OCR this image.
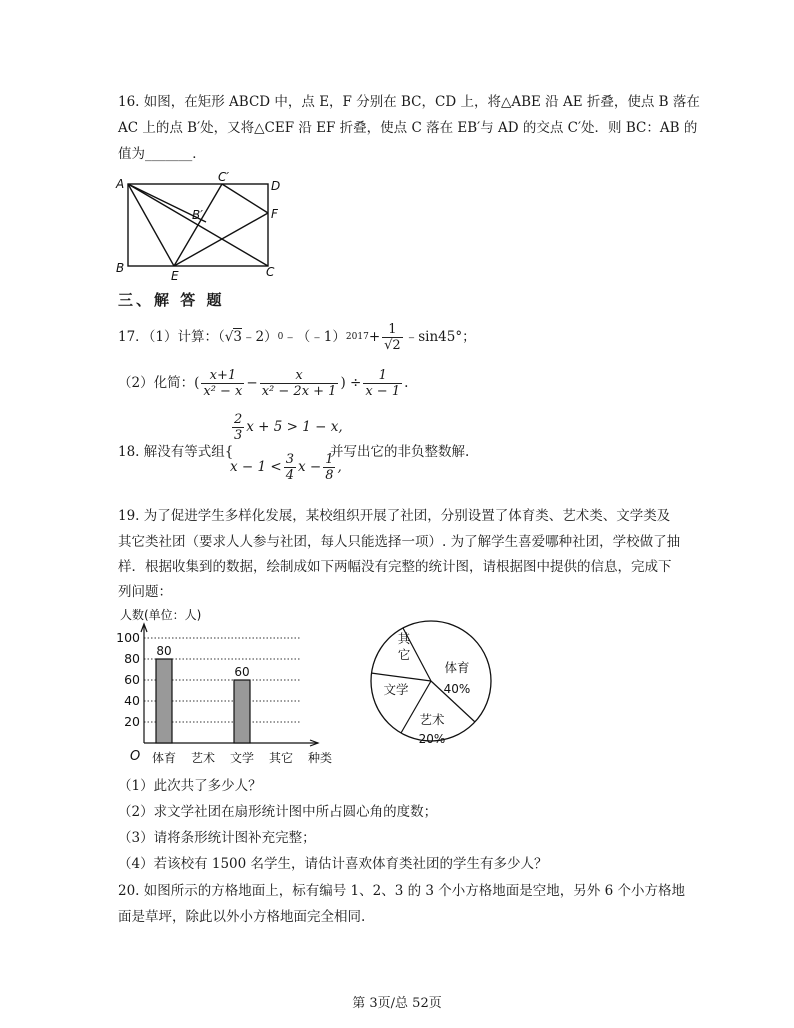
16. 如图，在矩形 ABCD 中，点 E，F 分别在 BC，CD 上，将△ABE 沿 AE 折叠，使点 B 落在
AC 上的点 B′处，又将△CEF 沿 EF 折叠，使点 C 落在 EB′与 AD 的交点 C′处．则 BC：AB 的
值为_______．
A	D
C′
B′	F
B
E	C
三、解 答 题
17．（1）计算：（ √3 ﹣2） 0 ﹣（﹣1） $2017 + \frac{1}{√2}$ ﹣sin45°；
（2）化简：( $\frac{x+1}{\text{x² − x}} - \frac{x}{\text{x² − 2x + 1}}$ ) ÷ $\frac{1}{x - 1}$ .
18. 解没有等式组{
$\frac{2}{3}$ x + 5 > 1 − x,
$x - 1 < \frac{3}{4}$ $x - \frac{1}{8}$ ,
并写出它的非负整数解.
19. 为了促进学生多样化发展，某校组织开展了社团，分别设置了体育类、艺术类、文学类及
其它类社团（要求人人参与社团，每人只能选择一项）. 为了解学生喜爱哪种社团，学校做了抽
样．根据收集到的数据，绘制成如下两幅没有完整的统计图，请根据图中提供的信息，完成下
列问题：
人数(单位：人)
100
80
60
40
20
O	种类
80
体育 艺术
60
文学 其它
体育
40%
艺术
20%
文学
其它
（1）此次共了多少人？
（2）求文学社团在扇形统计图中所占圆心角的度数；
（3）请将条形统计图补充完整；
（4）若该校有 1500 名学生，请估计喜欢体育类社团的学生有多少人？
20. 如图所示的方格地面上，标有编号 1、2、3 的 3 个小方格地面是空地，另外 6 个小方格地
面是草坪，除此以外小方格地面完全相同.
第 3页/总 52页
